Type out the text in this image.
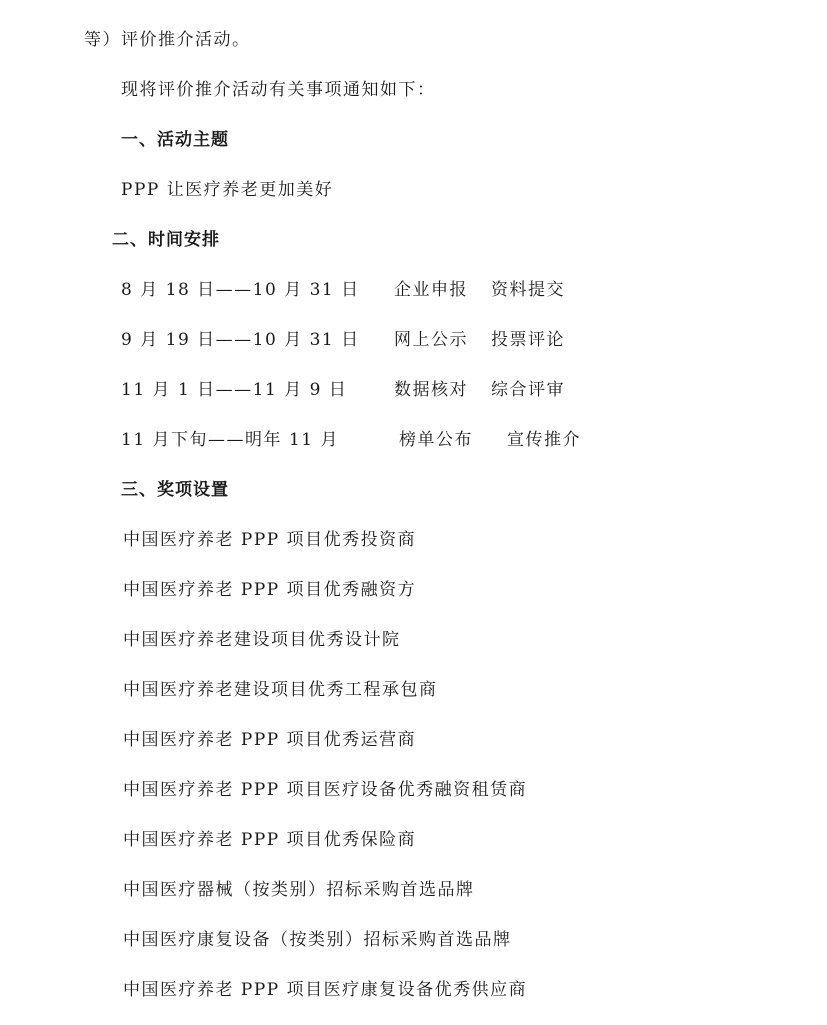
等）评价推介活动。
现将评价推介活动有关事项通知如下：
一、活动主题
PPP 让医疗养老更加美好
二、时间安排
8 月 18 日——10 月 31 日 企业申报 资料提交
9 月 19 日——10 月 31 日 网上公示 投票评论
11 月 1 日——11 月 9 日	数据核对 综合评审
11 月下旬——明年 11 月	榜单公布 宣传推介
三、奖项设置
中国医疗养老 PPP 项目优秀投资商
中国医疗养老 PPP 项目优秀融资方
中国医疗养老建设项目优秀设计院
中国医疗养老建设项目优秀工程承包商
中国医疗养老 PPP 项目优秀运营商
中国医疗养老 PPP 项目医疗设备优秀融资租赁商
中国医疗养老 PPP 项目优秀保险商
中国医疗器械（按类别）招标采购首选品牌
中国医疗康复设备（按类别）招标采购首选品牌
中国医疗养老 PPP 项目医疗康复设备优秀供应商
